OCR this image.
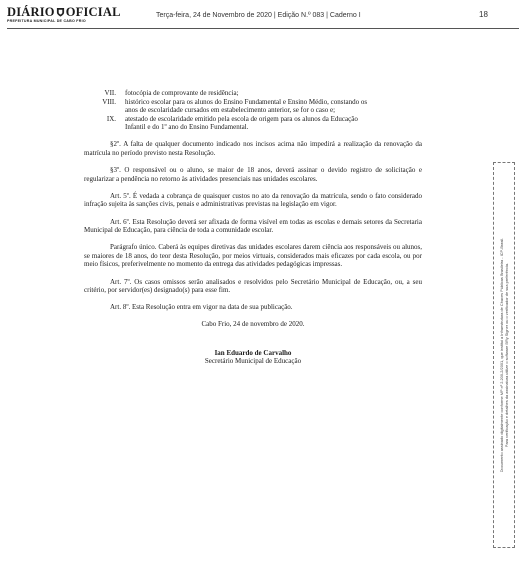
DIÁRIO OFICIAL
PREFEITURA MUNICIPAL DE CABO FRIO
Terça-feira, 24 de Novembro de 2020 | Edição N.º 083 | Caderno I	18
VII. fotocópia de comprovante de residência;
VIII. histórico escolar para os alunos do Ensino Fundamental e Ensino Médio, constando os
anos de escolaridade cursados em estabelecimento anterior, se for o caso e;
IX. atestado de escolaridade emitido pela escola de origem para os alunos da Educação
Infantil e do 1º ano do Ensino Fundamental.

§2º. A falta de qualquer documento indicado nos incisos acima não impedirá a realização da renovação da matrícula no período previsto nesta Resolução.

§3º. O responsável ou o aluno, se maior de 18 anos, deverá assinar o devido registro de solicitação e regularizar a pendência no retorno às atividades presenciais nas unidades escolares.

Art. 5º. É vedada a cobrança de quaisquer custos no ato da renovação da matrícula, sendo o fato considerado infração sujeita às sanções civis, penais e administrativas previstas na legislação em vigor.

Art. 6º. Esta Resolução deverá ser afixada de forma visível em todas as escolas e demais setores da Secretaria Municipal de Educação, para ciência de toda a comunidade escolar.

Parágrafo único. Caberá às equipes diretivas das unidades escolares darem ciência aos responsáveis ou alunos, se maiores de 18 anos, do teor desta Resolução, por meios virtuais, considerados mais eficazes por cada escola, ou por meio físicos, preferivelmente no momento da entrega das atividades pedagógicas impressas.

Art. 7º. Os casos omissos serão analisados e resolvidos pelo Secretário Municipal de Educação, ou, a seu critério, por servidor(es) designado(s) para esse fim.

Art. 8º. Esta Resolução entra em vigor na data de sua publicação.

Cabo Frio, 24 de novembro de 2020.

Ian Eduardo de Carvalho
Secretário Municipal de Educação	Documento assinado digitalmente conforme MP nº 2.200-2/2001, que institui a Infraestrutura de Chaves Públicas Brasileira - ICP-Brasil. Para verificação e detalhes da assinatura utilize o software BRy Signer ou o verificador de sua preferência.
